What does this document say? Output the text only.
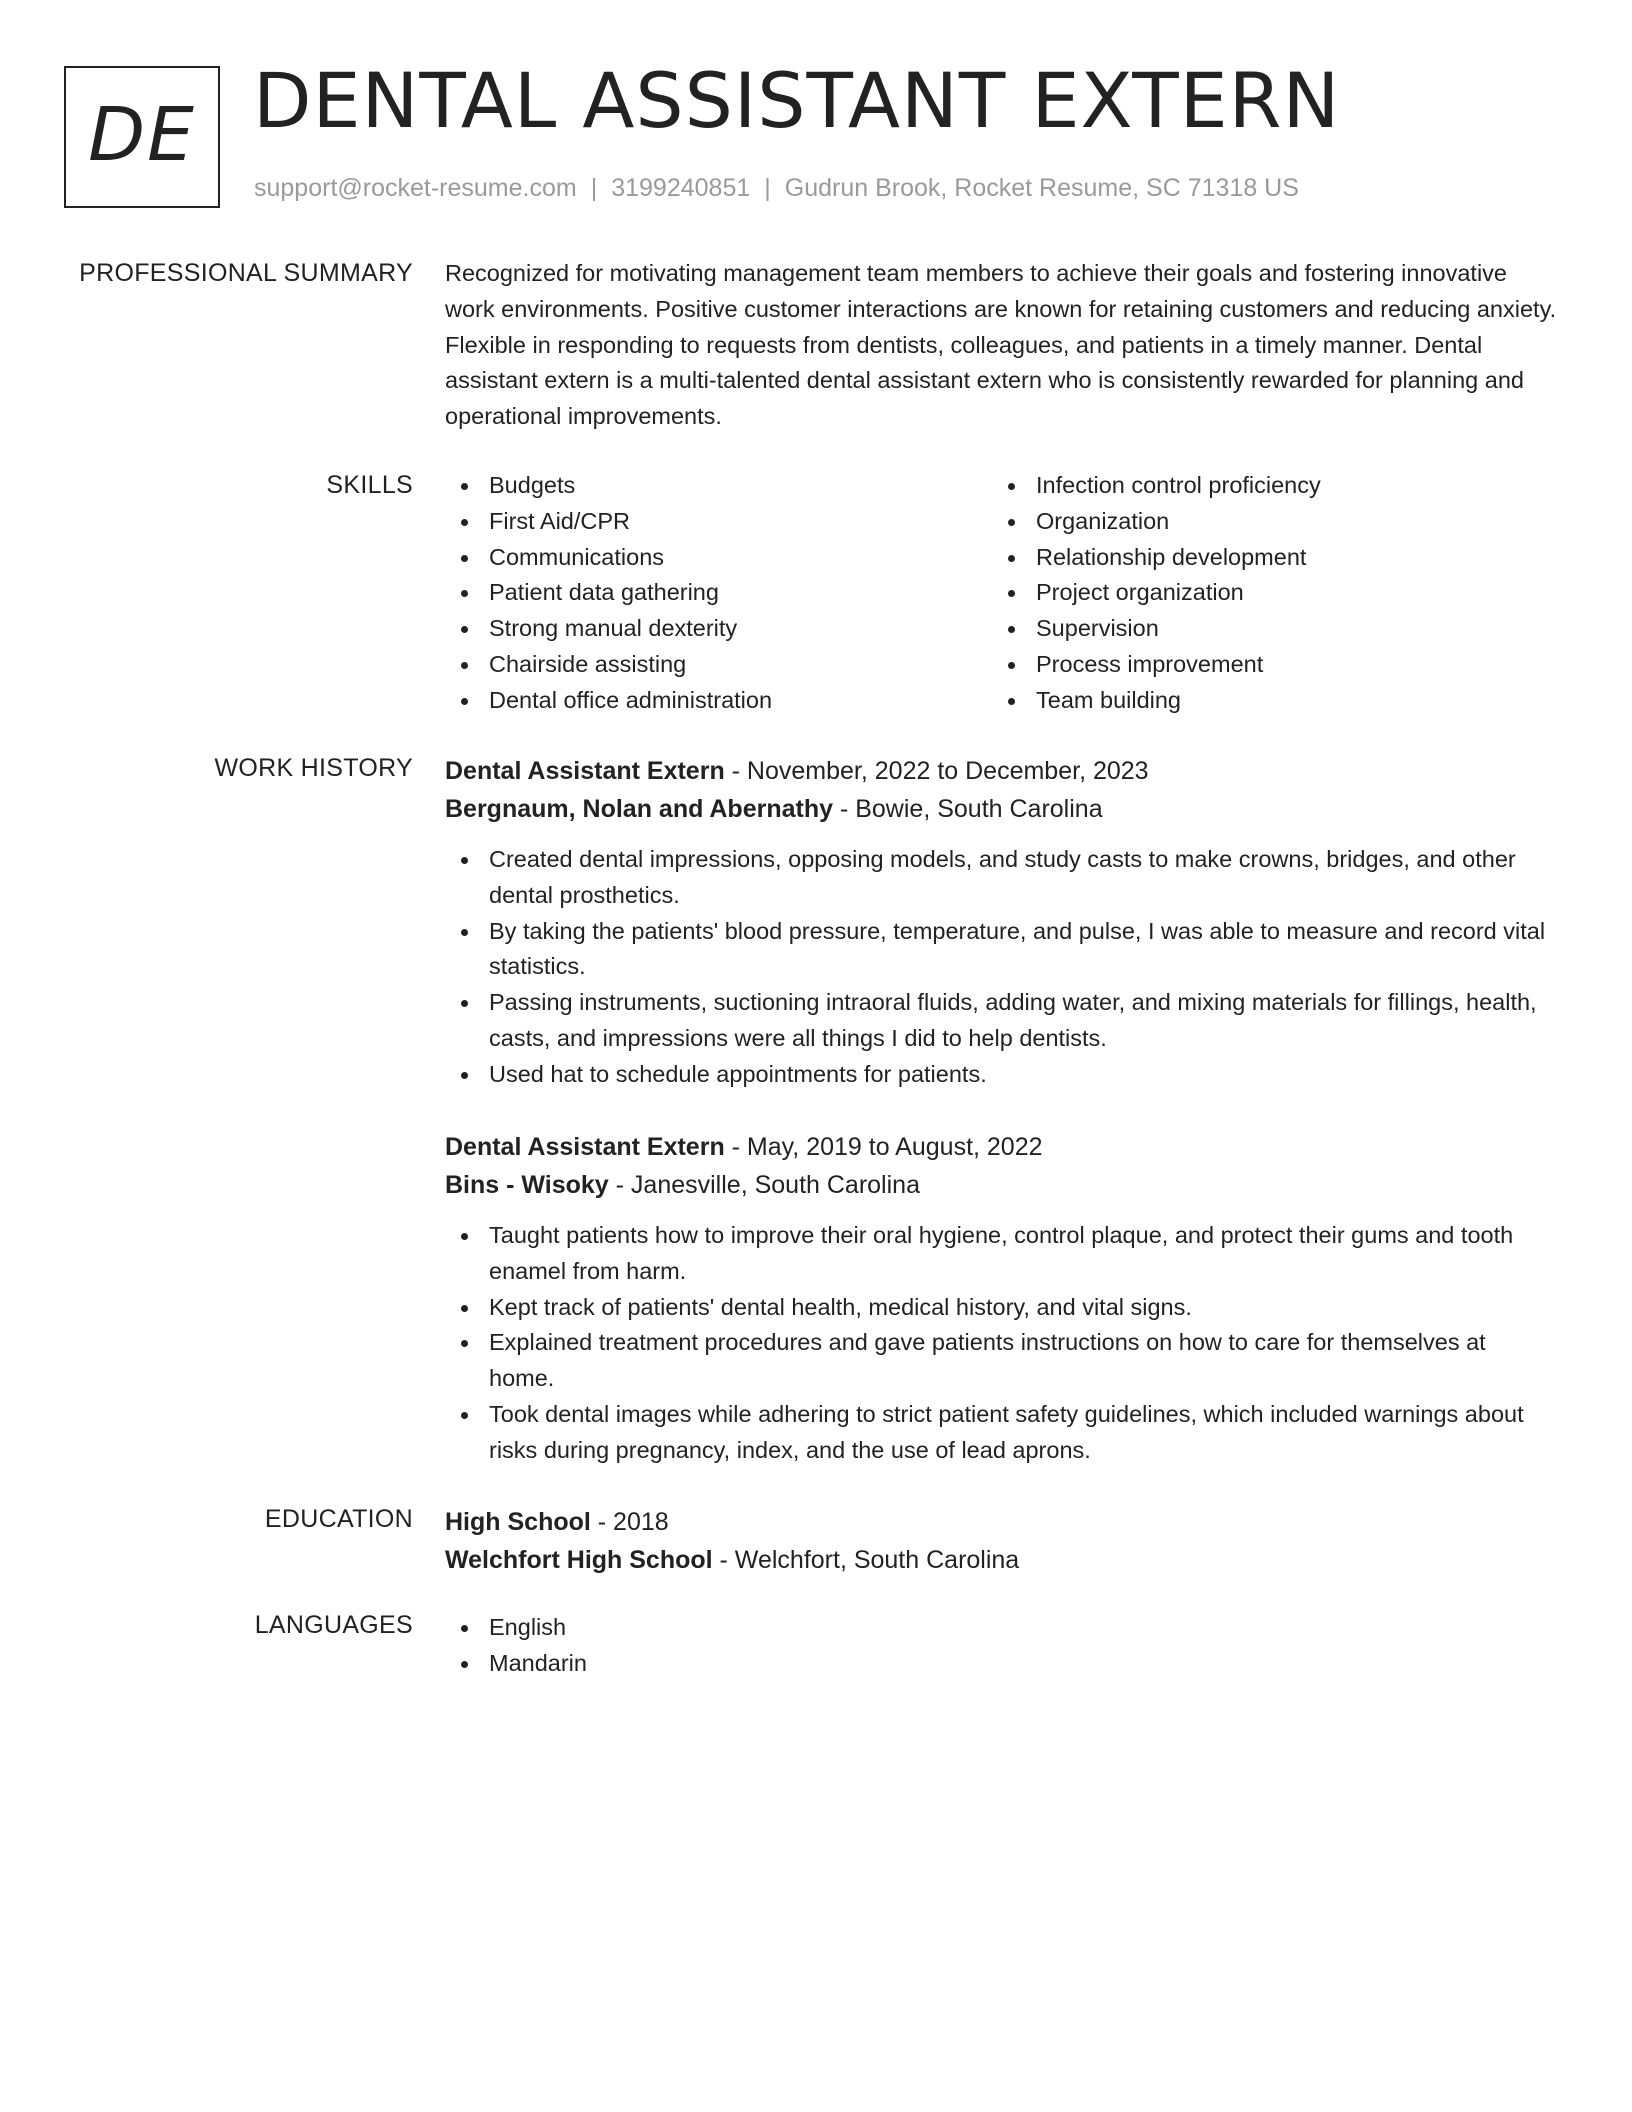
DE DENTAL ASSISTANT EXTERN
support@rocket-resume.com | 3199240851 | Gudrun Brook, Rocket Resume, SC 71318 US
PROFESSIONAL SUMMARY Recognized for motivating management team members to achieve their goals and fostering innovative work environments. Positive customer interactions are known for retaining customers and reducing anxiety. Flexible in responding to requests from dentists, colleagues, and patients in a timely manner. Dental assistant extern is a multi-talented dental assistant extern who is consistently rewarded for planning and operational improvements.
SKILLS	Budgets
First Aid/CPR
Communications
Patient data gathering
Strong manual dexterity
Chairside assisting
Dental office administration
Infection control proficiency
Organization
Relationship development
Project organization
Supervision
Process improvement
Team building
WORK HISTORY Dental Assistant Extern - November, 2022 to December, 2023
Bergnaum, Nolan and Abernathy - Bowie, South Carolina
Created dental impressions, opposing models, and study casts to make crowns, bridges, and other dental prosthetics.
By taking the patients' blood pressure, temperature, and pulse, I was able to measure and record vital statistics.
Passing instruments, suctioning intraoral fluids, adding water, and mixing materials for fillings, health, casts, and impressions were all things I did to help dentists.
Used hat to schedule appointments for patients.
Dental Assistant Extern - May, 2019 to August, 2022
Bins - Wisoky - Janesville, South Carolina
Taught patients how to improve their oral hygiene, control plaque, and protect their gums and tooth enamel from harm.
Kept track of patients' dental health, medical history, and vital signs.
Explained treatment procedures and gave patients instructions on how to care for themselves at home.
Took dental images while adhering to strict patient safety guidelines, which included warnings about risks during pregnancy, index, and the use of lead aprons.
EDUCATION High School - 2018
Welchfort High School - Welchfort, South Carolina
LANGUAGES	English
Mandarin
